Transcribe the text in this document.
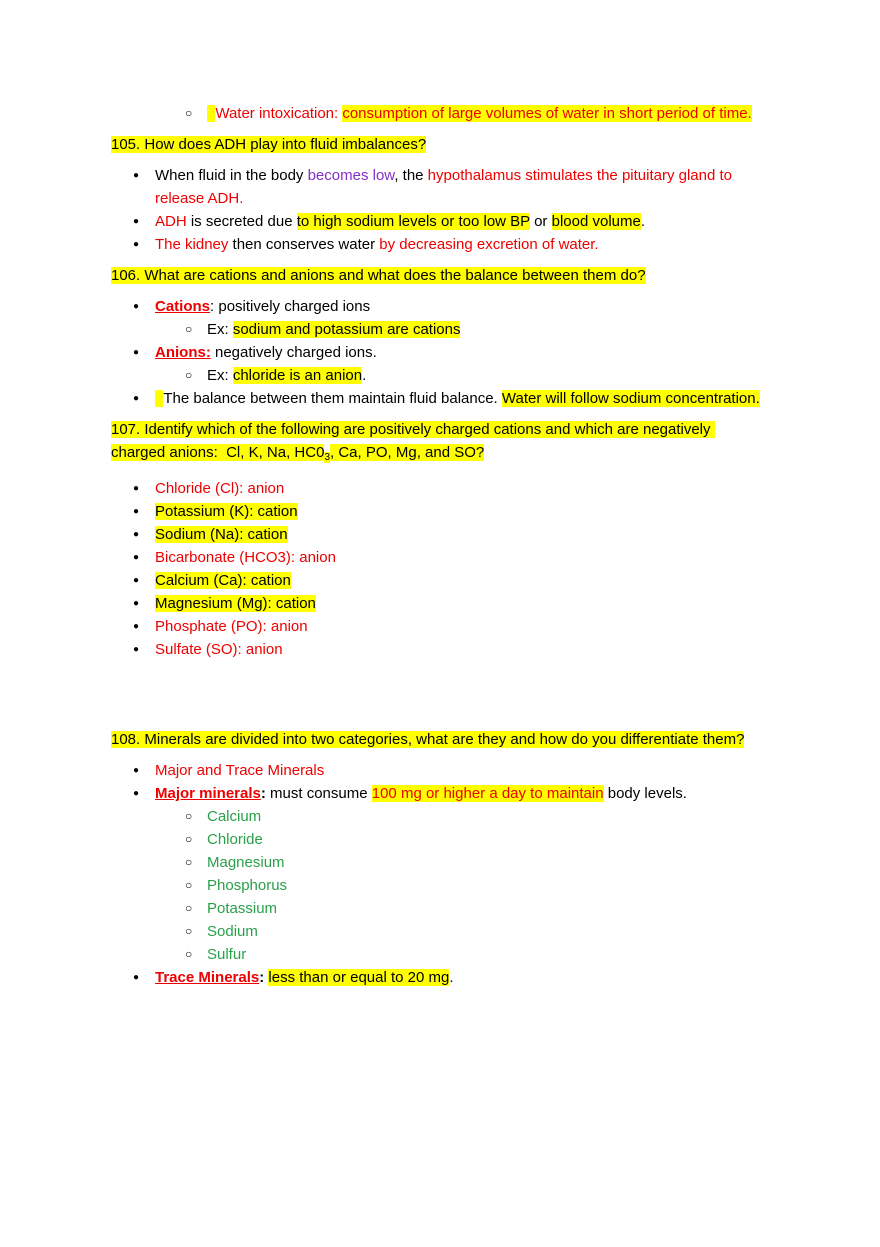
○ Water intoxication: consumption of large volumes of water in short period of time.
105. How does ADH play into fluid imbalances?
● When fluid in the body becomes low, the hypothalamus stimulates the pituitary gland to release ADH.
● ADH is secreted due to high sodium levels or too low BP or blood volume.
● The kidney then conserves water by decreasing excretion of water.
106. What are cations and anions and what does the balance between them do?
● Cations: positively charged ions
○ Ex: sodium and potassium are cations
● Anions: negatively charged ions.
○ Ex: chloride is an anion.
● The balance between them maintain fluid balance. Water will follow sodium concentration.
107. Identify which of the following are positively charged cations and which are negatively charged anions:  Cl, K, Na, $HC0_3$, Ca, PO, Mg, and SO?
● Chloride (Cl): anion
● Potassium (K): cation
● Sodium (Na): cation
● Bicarbonate (HCO3): anion
● Calcium (Ca): cation
● Magnesium (Mg): cation
● Phosphate (PO): anion
● Sulfate (SO): anion
108. Minerals are divided into two categories, what are they and how do you differentiate them?
● Major and Trace Minerals
● Major minerals: must consume 100 mg or higher a day to maintain body levels.
○ Calcium
○ Chloride
○ Magnesium
○ Phosphorus
○ Potassium
○ Sodium
○ Sulfur
● Trace Minerals: less than or equal to 20 mg.
